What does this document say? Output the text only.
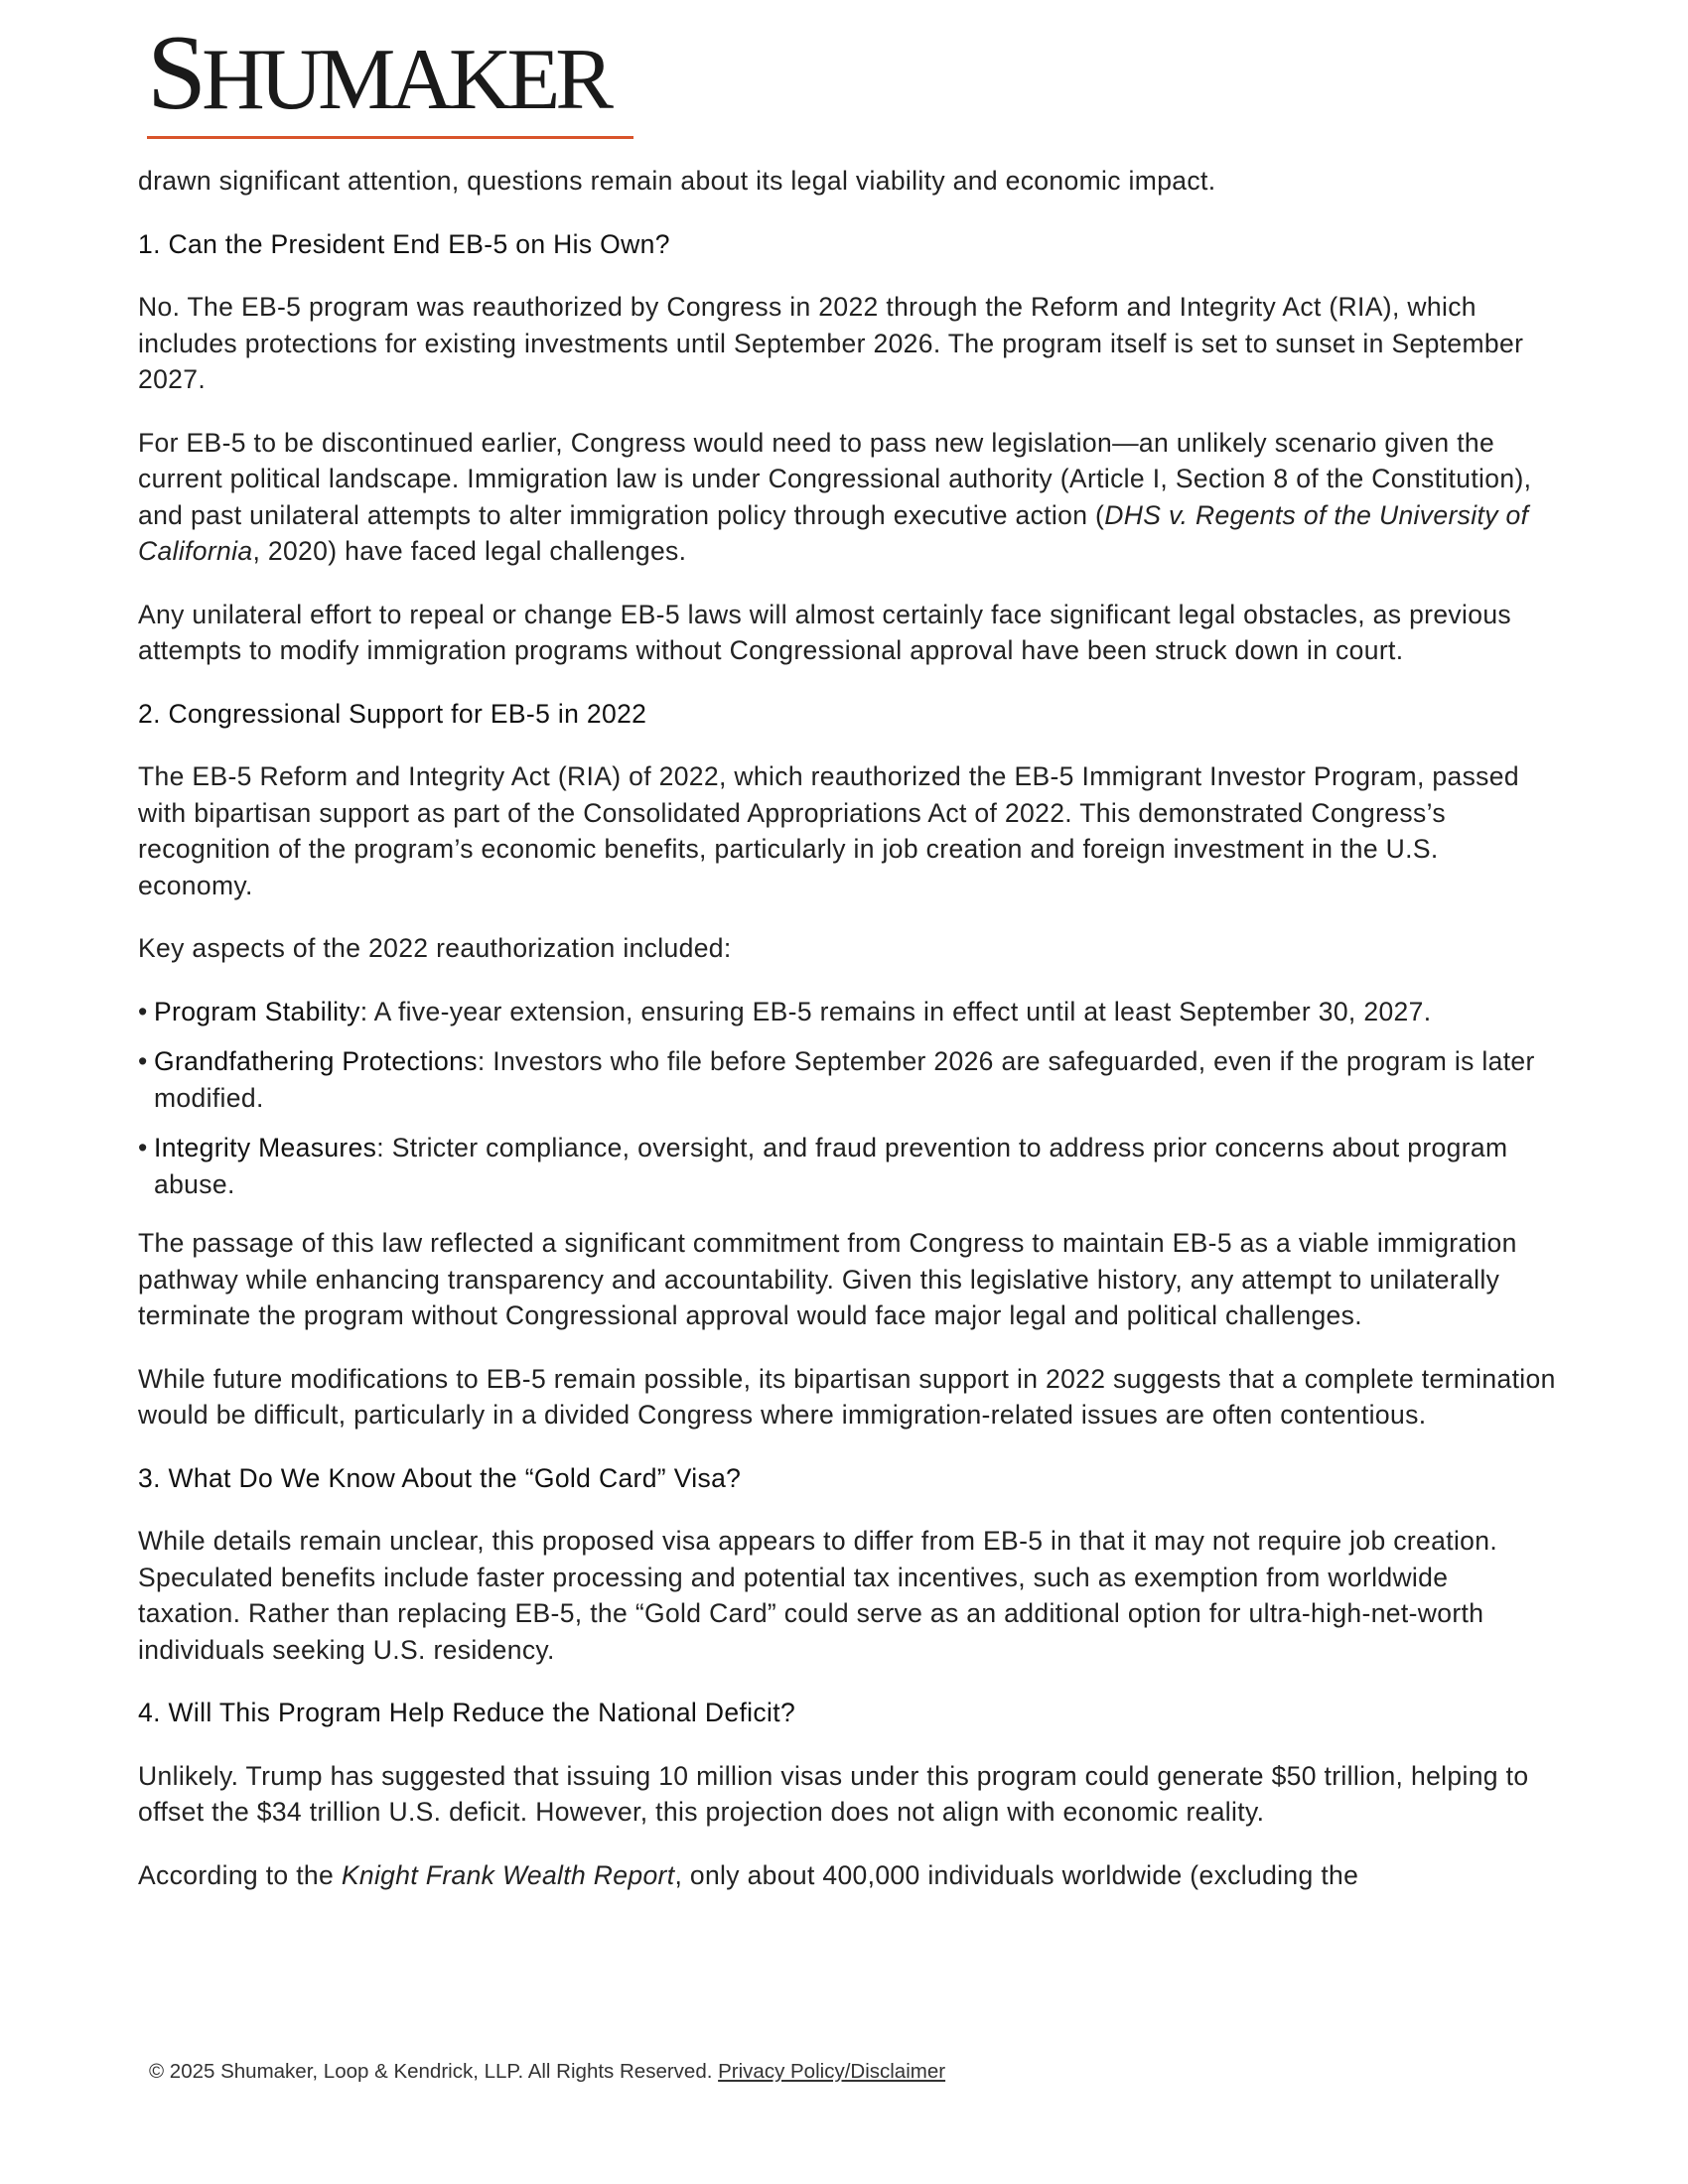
SHUMAKER

drawn significant attention, questions remain about its legal viability and economic impact.

1. Can the President End EB-5 on His Own?

No. The EB-5 program was reauthorized by Congress in 2022 through the Reform and Integrity Act (RIA), which includes protections for existing investments until September 2026. The program itself is set to sunset in September 2027.

For EB-5 to be discontinued earlier, Congress would need to pass new legislation—an unlikely scenario given the current political landscape. Immigration law is under Congressional authority (Article I, Section 8 of the Constitution), and past unilateral attempts to alter immigration policy through executive action (DHS v. Regents of the University of California, 2020) have faced legal challenges.

Any unilateral effort to repeal or change EB-5 laws will almost certainly face significant legal obstacles, as previous attempts to modify immigration programs without Congressional approval have been struck down in court.

2. Congressional Support for EB-5 in 2022

The EB-5 Reform and Integrity Act (RIA) of 2022, which reauthorized the EB-5 Immigrant Investor Program, passed with bipartisan support as part of the Consolidated Appropriations Act of 2022. This demonstrated Congress’s recognition of the program’s economic benefits, particularly in job creation and foreign investment in the U.S. economy.

Key aspects of the 2022 reauthorization included:

• Program Stability: A five-year extension, ensuring EB-5 remains in effect until at least September 30, 2027.
• Grandfathering Protections: Investors who file before September 2026 are safeguarded, even if the program is later modified.
• Integrity Measures: Stricter compliance, oversight, and fraud prevention to address prior concerns about program abuse.

The passage of this law reflected a significant commitment from Congress to maintain EB-5 as a viable immigration pathway while enhancing transparency and accountability. Given this legislative history, any attempt to unilaterally terminate the program without Congressional approval would face major legal and political challenges.

While future modifications to EB-5 remain possible, its bipartisan support in 2022 suggests that a complete termination would be difficult, particularly in a divided Congress where immigration-related issues are often contentious.

3. What Do We Know About the “Gold Card” Visa?

While details remain unclear, this proposed visa appears to differ from EB-5 in that it may not require job creation. Speculated benefits include faster processing and potential tax incentives, such as exemption from worldwide taxation. Rather than replacing EB-5, the “Gold Card” could serve as an additional option for ultra-high-net-worth individuals seeking U.S. residency.

4. Will This Program Help Reduce the National Deficit?

Unlikely. Trump has suggested that issuing 10 million visas under this program could generate $50 trillion, helping to offset the $34 trillion U.S. deficit. However, this projection does not align with economic reality.

According to the Knight Frank Wealth Report, only about 400,000 individuals worldwide (excluding the

© 2025 Shumaker, Loop & Kendrick, LLP. All Rights Reserved. Privacy Policy/Disclaimer
